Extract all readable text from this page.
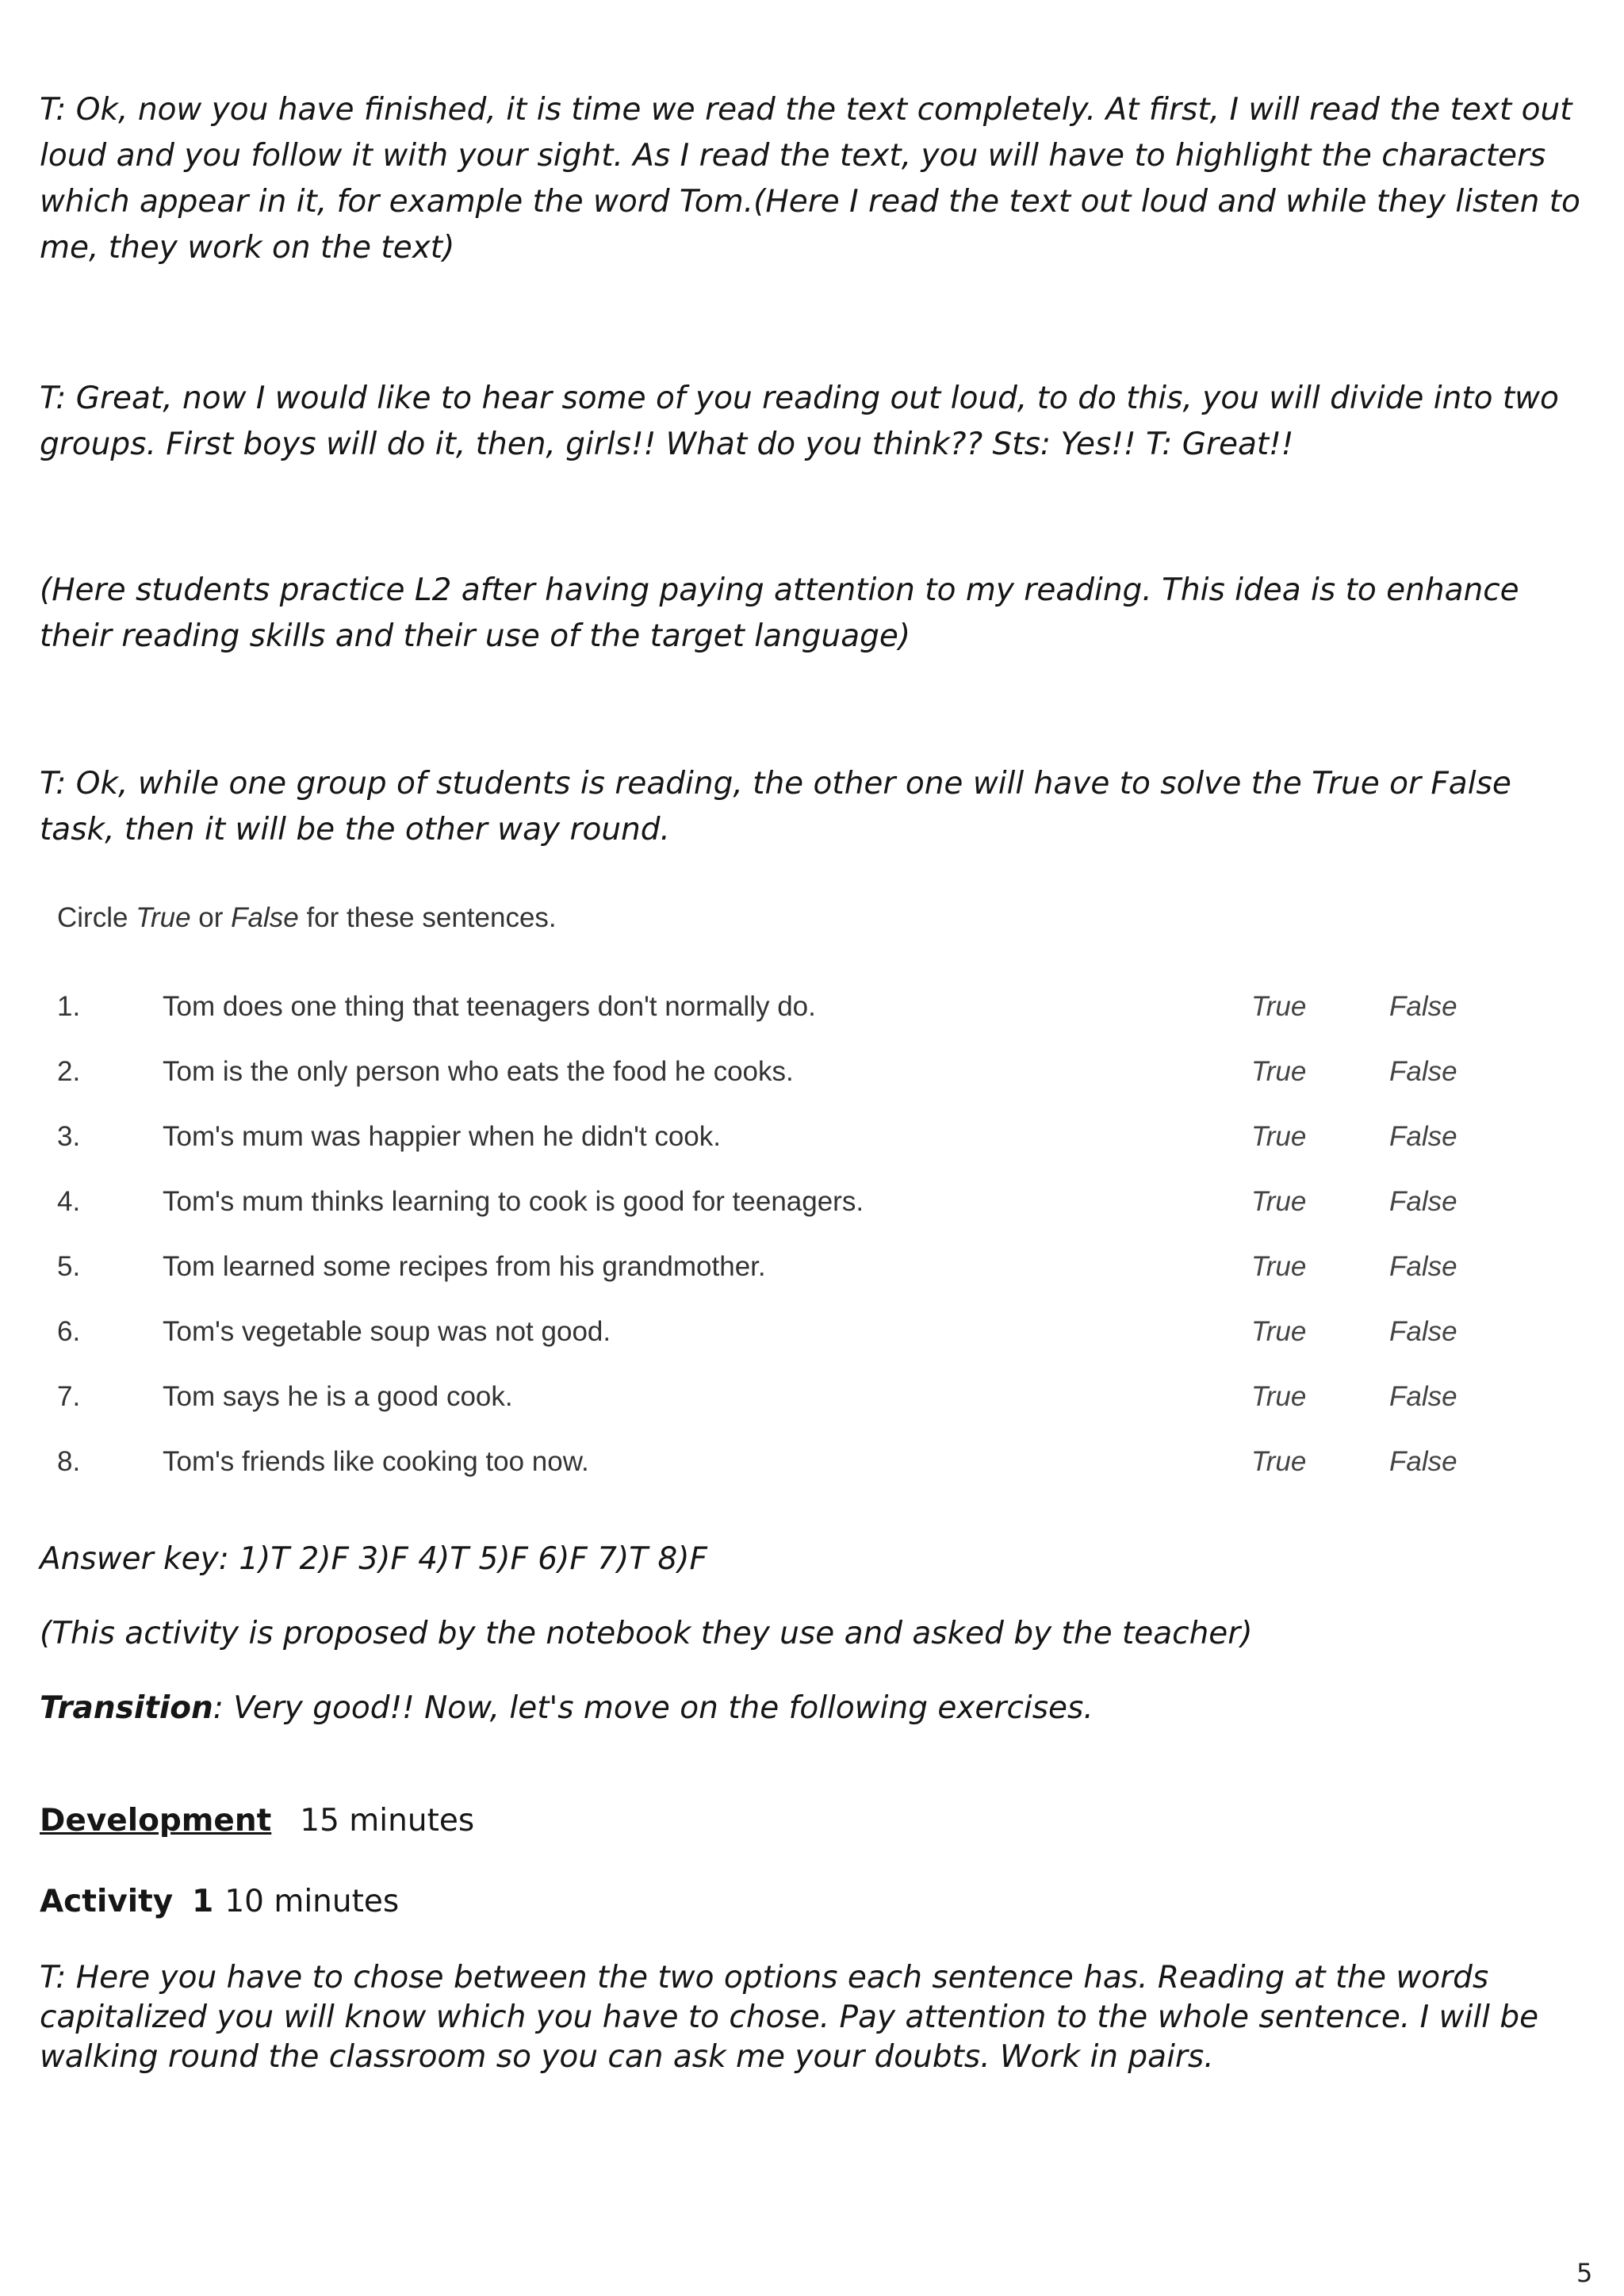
T: Ok, now you have finished, it is time we read the text completely. At first, I will read the text out loud and you follow it with your sight. As I read the text, you will have to highlight the characters which appear in it, for example the word Tom.(Here I read the text out loud and while they listen to me, they work on the text)

T: Great, now I would like to hear some of you reading out loud, to do this, you will divide into two groups. First boys will do it, then, girls!! What do you think?? Sts: Yes!! T: Great!!

(Here students practice L2 after having paying attention to my reading. This idea is to enhance their reading skills and their use of the target language)

T: Ok, while one group of students is reading, the other one will have to solve the True or False task, then it will be the other way round.

Circle True or False for these sentences.
1.	Tom does one thing that teenagers don't normally do.	True	False
2.	Tom is the only person who eats the food he cooks.	True	False
3.	Tom's mum was happier when he didn't cook.	True	False
4.	Tom's mum thinks learning to cook is good for teenagers.	True	False
5.	Tom learned some recipes from his grandmother.	True	False
6.	Tom's vegetable soup was not good.	True	False
7.	Tom says he is a good cook.	True	False
8.	Tom's friends like cooking too now.	True	False

Answer key: 1)T 2)F 3)F 4)T 5)F 6)F 7)T 8)F

(This activity is proposed by the notebook they use and asked by the teacher)

Transition: Very good!! Now, let's move on the following exercises.

Development 15 minutes

Activity 1 10 minutes

T: Here you have to chose between the two options each sentence has. Reading at the words capitalized you will know which you have to chose. Pay attention to the whole sentence. I will be walking round the classroom so you can ask me your doubts. Work in pairs.

5
